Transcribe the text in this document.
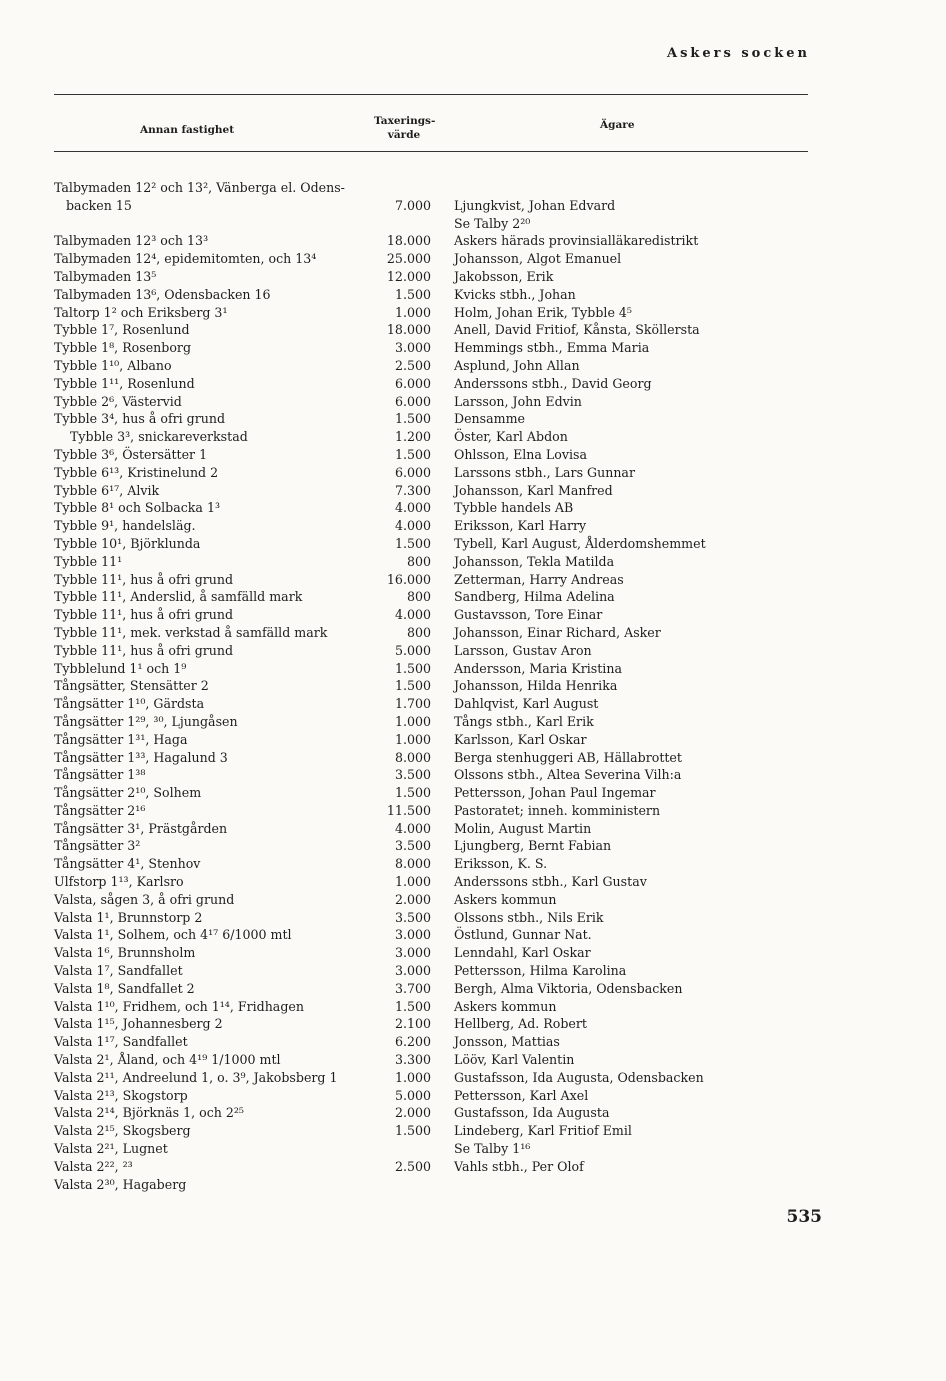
Askers socken
Annan fastighet
Taxerings-
värde
Ägare
Talbymaden 12² och 13², Vänberga el. Odens-
backen 15	7.000 Ljungkvist, Johan Edvard
Se Talby 2²⁰
Talbymaden 12³ och 13³	18.000 Askers härads provinsialläkaredistrikt
Talbymaden 12⁴, epidemitomten, och 13⁴	25.000 Johansson, Algot Emanuel
Talbymaden 13⁵	12.000 Jakobsson, Erik
Talbymaden 13⁶, Odensbacken 16	1.500 Kvicks stbh., Johan
Taltorp 1² och Eriksberg 3¹	1.000 Holm, Johan Erik, Tybble 4⁵
Tybble 1⁷, Rosenlund	18.000 Anell, David Fritiof, Kånsta, Sköllersta
Tybble 1⁸, Rosenborg	3.000 Hemmings stbh., Emma Maria
Tybble 1¹⁰, Albano	2.500 Asplund, John Allan
Tybble 1¹¹, Rosenlund	6.000 Anderssons stbh., David Georg
Tybble 2⁶, Västervid	6.000 Larsson, John Edvin
Tybble 3⁴, hus å ofri grund	1.500 Densamme
Tybble 3³, snickareverkstad	1.200 Öster, Karl Abdon
Tybble 3⁶, Östersätter 1	1.500 Ohlsson, Elna Lovisa
Tybble 6¹³, Kristinelund 2	6.000 Larssons stbh., Lars Gunnar
Tybble 6¹⁷, Alvik	7.300 Johansson, Karl Manfred
Tybble 8¹ och Solbacka 1³	4.000 Tybble handels AB
Tybble 9¹, handelsläg.	4.000 Eriksson, Karl Harry
Tybble 10¹, Björklunda	1.500 Tybell, Karl August, Ålderdomshemmet
Tybble 11¹	800 Johansson, Tekla Matilda
Tybble 11¹, hus å ofri grund	16.000 Zetterman, Harry Andreas
Tybble 11¹, Anderslid, å samfälld mark	800 Sandberg, Hilma Adelina
Tybble 11¹, hus å ofri grund	4.000 Gustavsson, Tore Einar
Tybble 11¹, mek. verkstad å samfälld mark	800 Johansson, Einar Richard, Asker
Tybble 11¹, hus å ofri grund	5.000 Larsson, Gustav Aron
Tybblelund 1¹ och 1⁹	1.500 Andersson, Maria Kristina
Tångsätter, Stensätter 2	1.500 Johansson, Hilda Henrika
Tångsätter 1¹⁰, Gärdsta	1.700 Dahlqvist, Karl August
Tångsätter 1²⁹, ³⁰, Ljungåsen	1.000 Tångs stbh., Karl Erik
Tångsätter 1³¹, Haga	1.000 Karlsson, Karl Oskar
Tångsätter 1³³, Hagalund 3	8.000 Berga stenhuggeri AB, Hällabrottet
Tångsätter 1³⁸	3.500 Olssons stbh., Altea Severina Vilh:a
Tångsätter 2¹⁰, Solhem	1.500 Pettersson, Johan Paul Ingemar
Tångsätter 2¹⁶	11.500 Pastoratet; inneh. komministern
Tångsätter 3¹, Prästgården	4.000 Molin, August Martin
Tångsätter 3²	3.500 Ljungberg, Bernt Fabian
Tångsätter 4¹, Stenhov	8.000 Eriksson, K. S.
Ulfstorp 1¹³, Karlsro	1.000 Anderssons stbh., Karl Gustav
Valsta, sågen 3, å ofri grund	2.000 Askers kommun
Valsta 1¹, Brunnstorp 2	3.500 Olssons stbh., Nils Erik
Valsta 1¹, Solhem, och 4¹⁷ 6/1000 mtl	3.000 Östlund, Gunnar Nat.
Valsta 1⁶, Brunnsholm	3.000 Lenndahl, Karl Oskar
Valsta 1⁷, Sandfallet	3.000 Pettersson, Hilma Karolina
Valsta 1⁸, Sandfallet 2	3.700 Bergh, Alma Viktoria, Odensbacken
Valsta 1¹⁰, Fridhem, och 1¹⁴, Fridhagen	1.500 Askers kommun
Valsta 1¹⁵, Johannesberg 2	2.100 Hellberg, Ad. Robert
Valsta 1¹⁷, Sandfallet	6.200 Jonsson, Mattias
Valsta 2¹, Åland, och 4¹⁹ 1/1000 mtl	3.300 Lööv, Karl Valentin
Valsta 2¹¹, Andreelund 1, o. 3⁹, Jakobsberg 1	1.000 Gustafsson, Ida Augusta, Odensbacken
Valsta 2¹³, Skogstorp	5.000 Pettersson, Karl Axel
Valsta 2¹⁴, Björknäs 1, och 2²⁵	2.000 Gustafsson, Ida Augusta
Valsta 2¹⁵, Skogsberg	1.500 Lindeberg, Karl Fritiof Emil
Valsta 2²¹, Lugnet	Se Talby 1¹⁶
Valsta 2²², ²³	2.500 Vahls stbh., Per Olof
Valsta 2³⁰, Hagaberg
535
